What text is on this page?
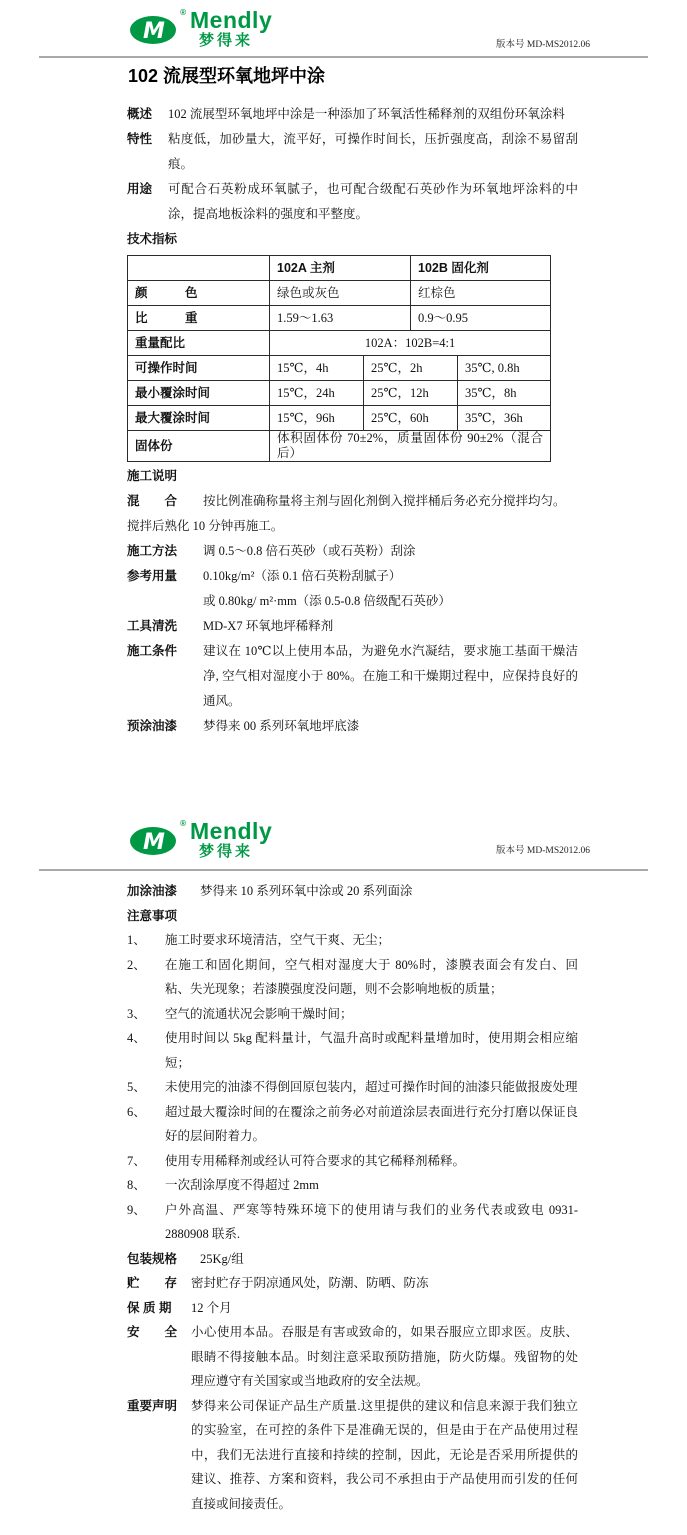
M
® Mendly
梦得来	版本号 MD-MS2012.06
102 流展型环氧地坪中涂
概述	102 流展型环氧地坪中涂是一种添加了环氧活性稀释剂的双组份环氧涂料
特性	粘度低，加砂量大，流平好，可操作时间长，压折强度高，刮涂不易留刮痕。
用途	可配合石英粉成环氧腻子，也可配合级配石英砂作为环氧地坪涂料的中涂，提高地板涂料的强度和平整度。
技术指标
	102A 主剂		102B 固化剂	
颜　　　色	绿色或灰色		红棕色	
比　　　重	1.59～1.63		0.9～0.95	
重量配比	102A：102B=4:1			
可操作时间	15℃，4h	25℃，2h		35℃, 0.8h
最小覆涂时间	15℃，24h	25℃，12h		35℃，8h
最大覆涂时间	15℃，96h	25℃，60h		35℃，36h
固体份	体积固体份 70±2%，质量固体份 90±2%（混合后）			
施工说明
混　　合	按比例准确称量将主剂与固化剂倒入搅拌桶后务必充分搅拌均匀。
搅拌后熟化 10 分钟再施工。
施工方法	调 0.5～0.8 倍石英砂（或石英粉）刮涂
参考用量	0.10kg/m²（添 0.1 倍石英粉刮腻子）
或 0.80kg/ m²·mm（添 0.5-0.8 倍级配石英砂）
工具清洗	MD-X7 环氧地坪稀释剂
施工条件	建议在 10℃以上使用本品，为避免水汽凝结，要求施工基面干燥洁净, 空气相对湿度小于 80%。在施工和干燥期过程中，应保持良好的通风。
预涂油漆	梦得来 00 系列环氧地坪底漆
M
® Mendly
梦得来	版本号 MD-MS2012.06
加涂油漆	梦得来 10 系列环氧中涂或 20 系列面涂
注意事项
1、	施工时要求环境清洁，空气干爽、无尘；
2、	在施工和固化期间，空气相对湿度大于 80%时，漆膜表面会有发白、回粘、失光现象；若漆膜强度没问题，则不会影响地板的质量；
3、	空气的流通状况会影响干燥时间；
4、	使用时间以 5kg 配料量计，气温升高时或配料量增加时，使用期会相应缩短；
5、	未使用完的油漆不得倒回原包装内，超过可操作时间的油漆只能做报废处理
6、	超过最大覆涂时间的在覆涂之前务必对前道涂层表面进行充分打磨以保证良好的层间附着力。
7、	使用专用稀释剂或经认可符合要求的其它稀释剂稀释。
8、	一次刮涂厚度不得超过 2mm
9、	户外高温、严寒等特殊环境下的使用请与我们的业务代表或致电 0931-2880908 联系.
包装规格	25Kg/组
贮　　存	密封贮存于阴凉通风处，防潮、防晒、防冻
保 质 期	12 个月
安　　全	小心使用本品。吞服是有害或致命的，如果吞服应立即求医。皮肤、眼睛不得接触本品。时刻注意采取预防措施，防火防爆。残留物的处理应遵守有关国家或当地政府的安全法规。
重要声明	梦得来公司保证产品生产质量.这里提供的建议和信息来源于我们独立的实验室，在可控的条件下是准确无误的，但是由于在产品使用过程中，我们无法进行直接和持续的控制，因此，无论是否采用所提供的建议、推荐、方案和资料，我公司不承担由于产品使用而引发的任何直接或间接责任。
